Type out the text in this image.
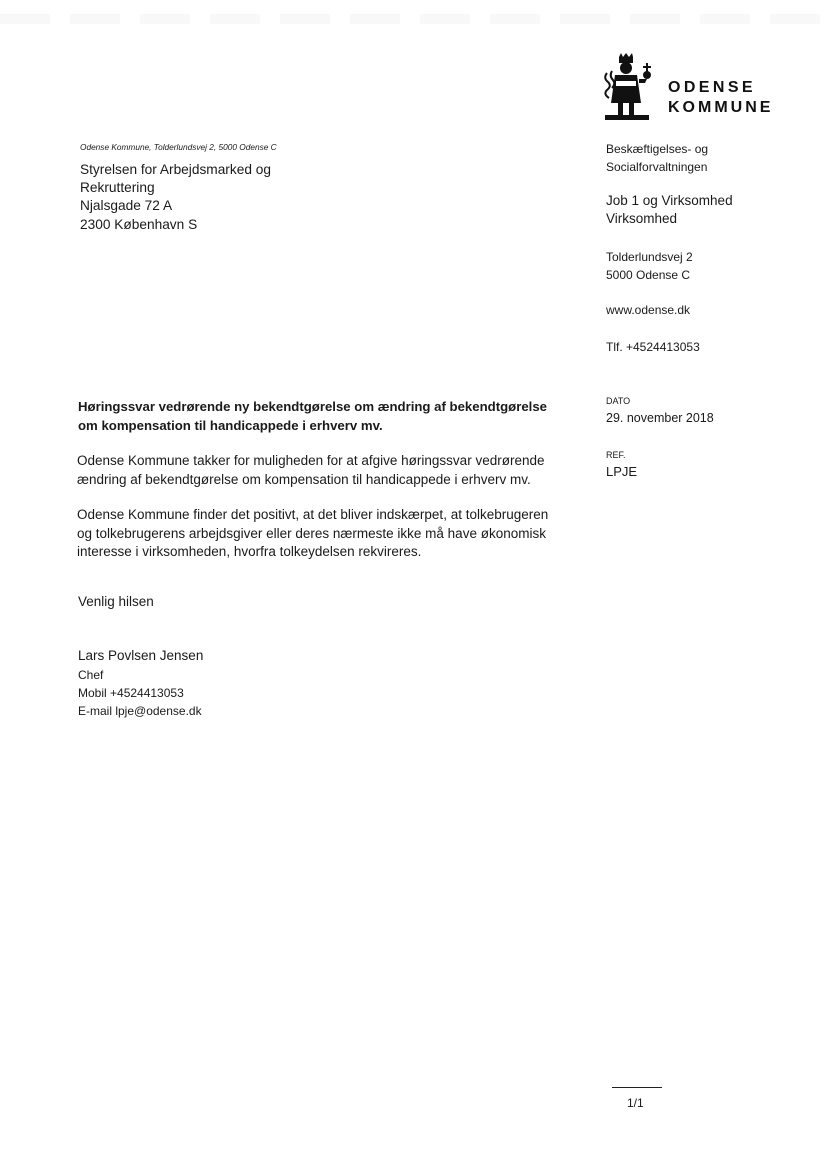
ODENSE
KOMMUNE
Odense Kommune, Tolderlundsvej 2, 5000 Odense C
Styrelsen for Arbejdsmarked og
Rekruttering
Njalsgade 72 A
2300 København S
Beskæftigelses- og
Socialforvaltningen
Job 1 og Virksomhed
Virksomhed
Tolderlundsvej 2
5000 Odense C
www.odense.dk
Tlf. +4524413053
DATO
29. november 2018
REF.
LPJE
Høringssvar vedrørende ny bekendtgørelse om ændring af bekendtgørelse
om kompensation til handicappede i erhverv mv.
Odense Kommune takker for muligheden for at afgive høringssvar vedrørende
ændring af bekendtgørelse om kompensation til handicappede i erhverv mv.
Odense Kommune finder det positivt, at det bliver indskærpet, at tolkebrugeren
og tolkebrugerens arbejdsgiver eller deres nærmeste ikke må have økonomisk
interesse i virksomheden, hvorfra tolkeydelsen rekvireres.
Venlig hilsen
Lars Povlsen Jensen
Chef
Mobil +4524413053
E-mail lpje@odense.dk
1/1
